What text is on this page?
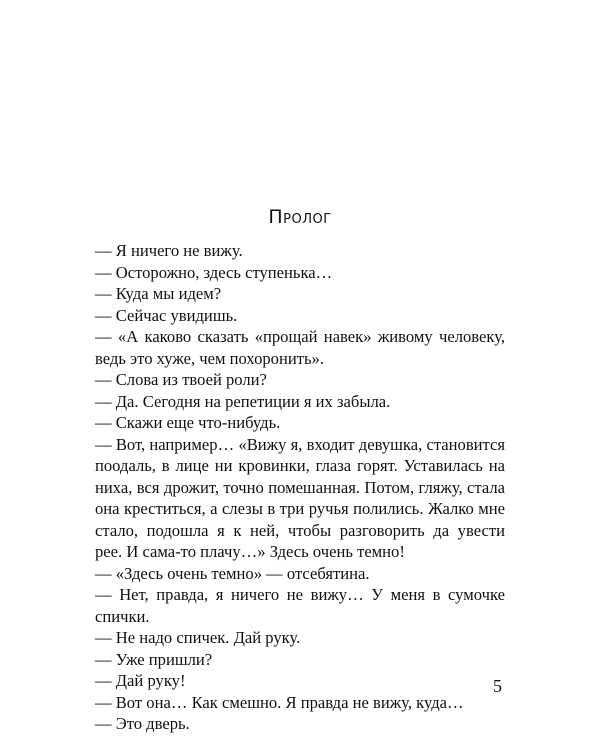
Пролог
— Я ничего не вижу.
— Осторожно, здесь ступенька…
— Куда мы идем?
— Сейчас увидишь.
— «А каково сказать «прощай навек» живому человеку,
ведь это хуже, чем похоронить».
— Слова из твоей роли?
— Да. Сегодня на репетиции я их забыла.
— Скажи еще что-нибудь.
— Вот, например… «Вижу я, входит девушка, становится
поодаль, в лице ни кровинки, глаза горят. Уставилась на
ниха, вся дрожит, точно помешанная. Потом, гляжу, стала
она креститься, а слезы в три ручья полились. Жалко мне
стало, подошла я к ней, чтобы разговорить да увести
рее. И сама-то плачу…» Здесь очень темно!
— «Здесь очень темно» — отсебятина.
— Нет, правда, я ничего не вижу… У меня в сумочке
спички.
— Не надо спичек. Дай руку.
— Уже пришли?
— Дай руку!
— Вот она… Как смешно. Я правда не вижу, куда…
— Это дверь.
5
